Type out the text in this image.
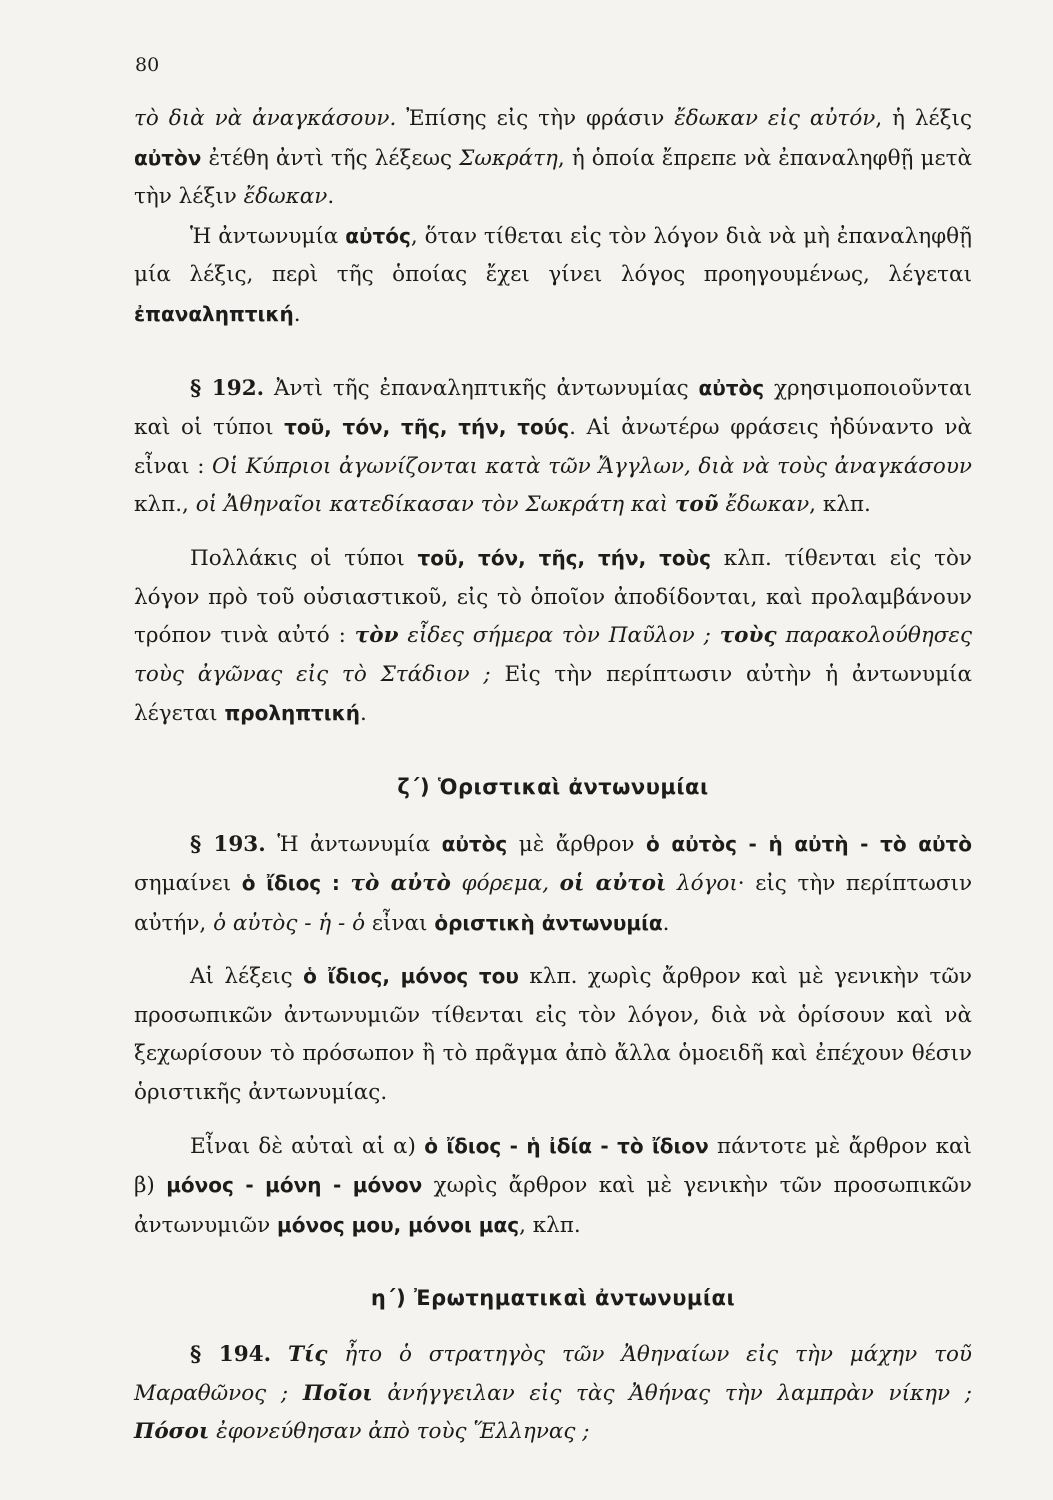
80

τὸ διὰ νὰ ἀναγκάσουν. Ἐπίσης εἰς τὴν φράσιν ἔδωκαν εἰς αὐτόν, ἡ λέξις αὐτὸν ἐτέθη ἀντὶ τῆς λέξεως Σωκράτη, ἡ ὁποία ἔπρεπε νὰ ἐπαναληφθῇ μετὰ τὴν λέξιν ἔδωκαν.

Ἡ ἀντωνυμία αὐτός, ὅταν τίθεται εἰς τὸν λόγον διὰ νὰ μὴ ἐπαναληφθῇ μία λέξις, περὶ τῆς ὁποίας ἔχει γίνει λόγος προηγουμένως, λέγεται ἐπαναληπτική.

§ 192. Ἀντὶ τῆς ἐπαναληπτικῆς ἀντωνυμίας αὐτὸς χρησιμοποιοῦνται καὶ οἱ τύποι τοῦ, τόν, τῆς, τήν, τούς. Αἱ ἀνωτέρω φράσεις ἠδύναντο νὰ εἶναι : Οἱ Κύπριοι ἀγωνίζονται κατὰ τῶν Ἄγγλων, διὰ νὰ τοὺς ἀναγκάσουν κλπ., οἱ Ἀθηναῖοι κατεδίκασαν τὸν Σωκράτη καὶ τοῦ ἔδωκαν, κλπ.

Πολλάκις οἱ τύποι τοῦ, τόν, τῆς, τήν, τοὺς κλπ. τίθενται εἰς τὸν λόγον πρὸ τοῦ οὐσιαστικοῦ, εἰς τὸ ὁποῖον ἀποδίδονται, καὶ προλαμβάνουν τρόπον τινὰ αὐτό : τὸν εἶδες σήμερα τὸν Παῦλον ; τοὺς παρακολούθησες τοὺς ἀγῶνας εἰς τὸ Στάδιον ; Εἰς τὴν περίπτωσιν αὐτὴν ἡ ἀντωνυμία λέγεται προληπτική.

ζ΄) Ὁριστικαὶ ἀντωνυμίαι

§ 193. Ἡ ἀντωνυμία αὐτὸς μὲ ἄρθρον ὁ αὐτὸς - ἡ αὐτὴ - τὸ αὐτὸ σημαίνει ὁ ἴδιος : τὸ αὐτὸ φόρεμα, οἱ αὐτοὶ λόγοι· εἰς τὴν περίπτωσιν αὐτήν, ὁ αὐτὸς - ἡ - ὁ εἶναι ὁριστικὴ ἀντωνυμία.

Αἱ λέξεις ὁ ἴδιος, μόνος του κλπ. χωρὶς ἄρθρον καὶ μὲ γενικὴν τῶν προσωπικῶν ἀντωνυμιῶν τίθενται εἰς τὸν λόγον, διὰ νὰ ὁρίσουν καὶ νὰ ξεχωρίσουν τὸ πρόσωπον ἢ τὸ πρᾶγμα ἀπὸ ἄλλα ὁμοειδῆ καὶ ἐπέχουν θέσιν ὁριστικῆς ἀντωνυμίας.

Εἶναι δὲ αὐταὶ αἱ α) ὁ ἴδιος - ἡ ἰδία - τὸ ἴδιον πάντοτε μὲ ἄρθρον καὶ β) μόνος - μόνη - μόνον χωρὶς ἄρθρον καὶ μὲ γενικὴν τῶν προσωπικῶν ἀντωνυμιῶν μόνος μου, μόνοι μας, κλπ.

η΄) Ἐρωτηματικαὶ ἀντωνυμίαι

§ 194. Τίς ἦτο ὁ στρατηγὸς τῶν Ἀθηναίων εἰς τὴν μάχην τοῦ Μαραθῶνος ; Ποῖοι ἀνήγγειλαν εἰς τὰς Ἀθήνας τὴν λαμπρὰν νίκην ; Πόσοι ἐφονεύθησαν ἀπὸ τοὺς Ἕλληνας ;
